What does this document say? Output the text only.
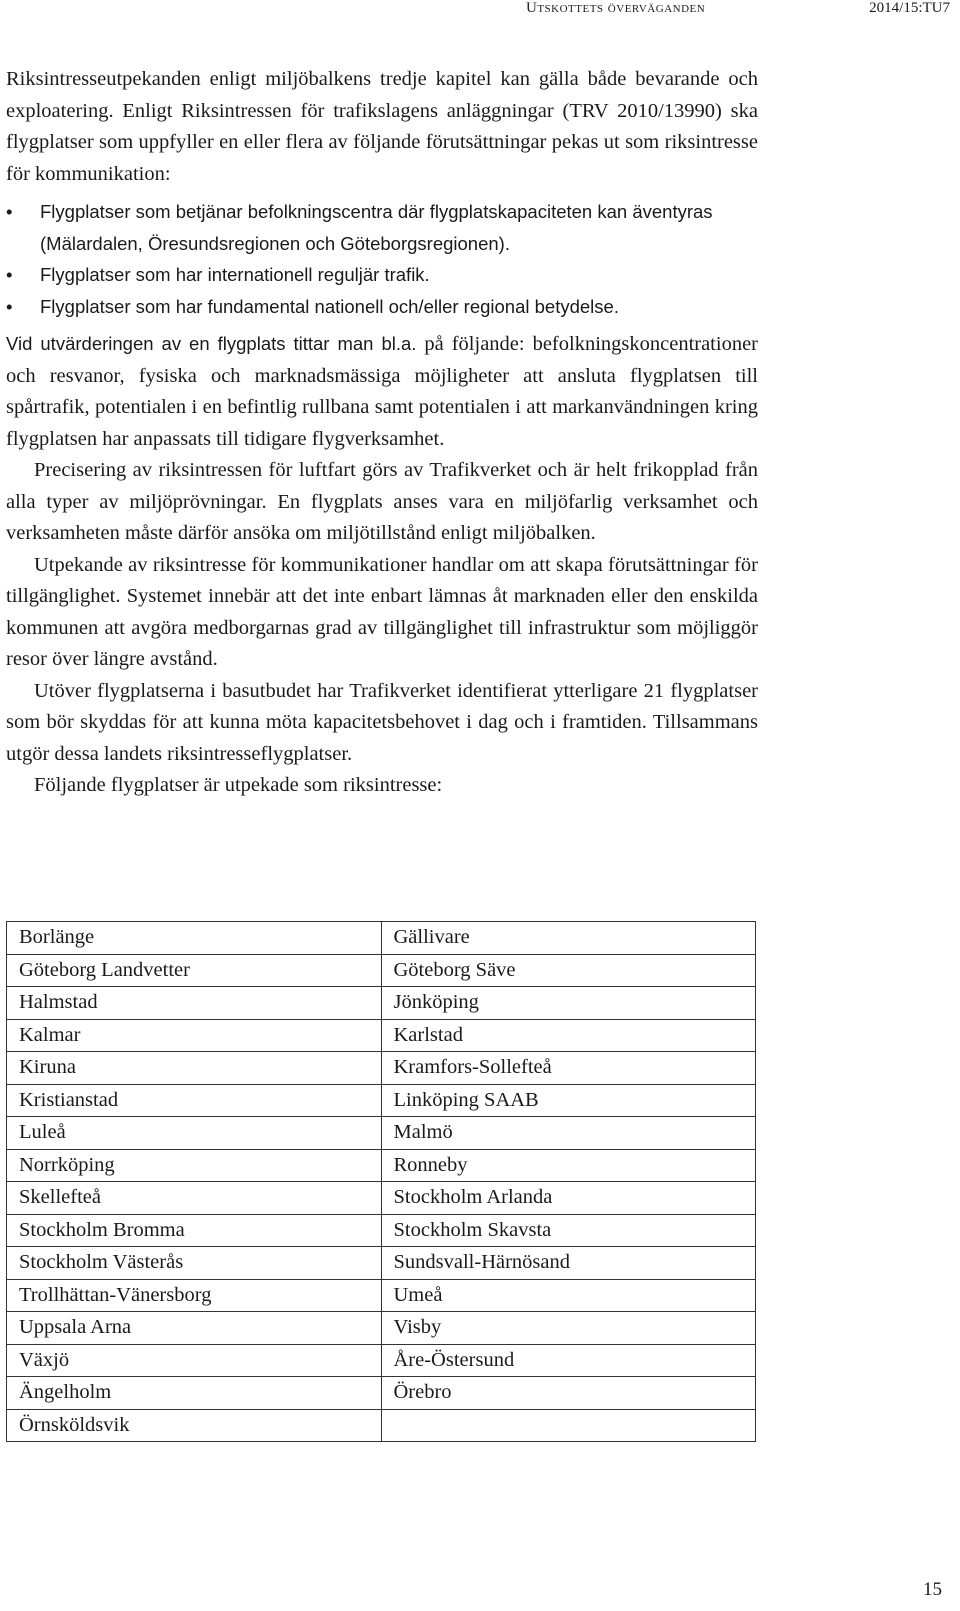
Utskottets överväganden	2014/15:TU7

Riksintresseutpekanden enligt miljöbalkens tredje kapitel kan gälla både bevarande och exploatering. Enligt Riksintressen för trafikslagens anläggningar (TRV 2010/13990) ska flygplatser som uppfyller en eller flera av följande förutsättningar pekas ut som riksintresse för kommunikation:

• Flygplatser som betjänar befolkningscentra där flygplatskapaciteten kan äventyras (Mälardalen, Öresundsregionen och Göteborgsregionen).
• Flygplatser som har internationell reguljär trafik.
• Flygplatser som har fundamental nationell och/eller regional betydelse.

Vid utvärderingen av en flygplats tittar man bl.a. på följande: befolkningskoncentrationer och resvanor, fysiska och marknadsmässiga möjligheter att ansluta flygplatsen till spårtrafik, potentialen i en befintlig rullbana samt potentialen i att markanvändningen kring flygplatsen har anpassats till tidigare flygverksamhet.

Precisering av riksintressen för luftfart görs av Trafikverket och är helt frikopplad från alla typer av miljöprövningar. En flygplats anses vara en miljöfarlig verksamhet och verksamheten måste därför ansöka om miljötillstånd enligt miljöbalken.

Utpekande av riksintresse för kommunikationer handlar om att skapa förutsättningar för tillgänglighet. Systemet innebär att det inte enbart lämnas åt marknaden eller den enskilda kommunen att avgöra medborgarnas grad av tillgänglighet till infrastruktur som möjliggör resor över längre avstånd.

Utöver flygplatserna i basutbudet har Trafikverket identifierat ytterligare 21 flygplatser som bör skyddas för att kunna möta kapacitetsbehovet i dag och i framtiden. Tillsammans utgör dessa landets riksintresseflygplatser.

Följande flygplatser är utpekade som riksintresse:

Borlänge	Gällivare
Göteborg Landvetter	Göteborg Säve
Halmstad	Jönköping
Kalmar	Karlstad
Kiruna	Kramfors-Sollefteå
Kristianstad	Linköping SAAB
Luleå	Malmö
Norrköping	Ronneby
Skellefteå	Stockholm Arlanda
Stockholm Bromma	Stockholm Skavsta
Stockholm Västerås	Sundsvall-Härnösand
Trollhättan-Vänersborg	Umeå
Uppsala Arna	Visby
Växjö	Åre-Östersund
Ängelholm	Örebro
Örnsköldsvik	
15
